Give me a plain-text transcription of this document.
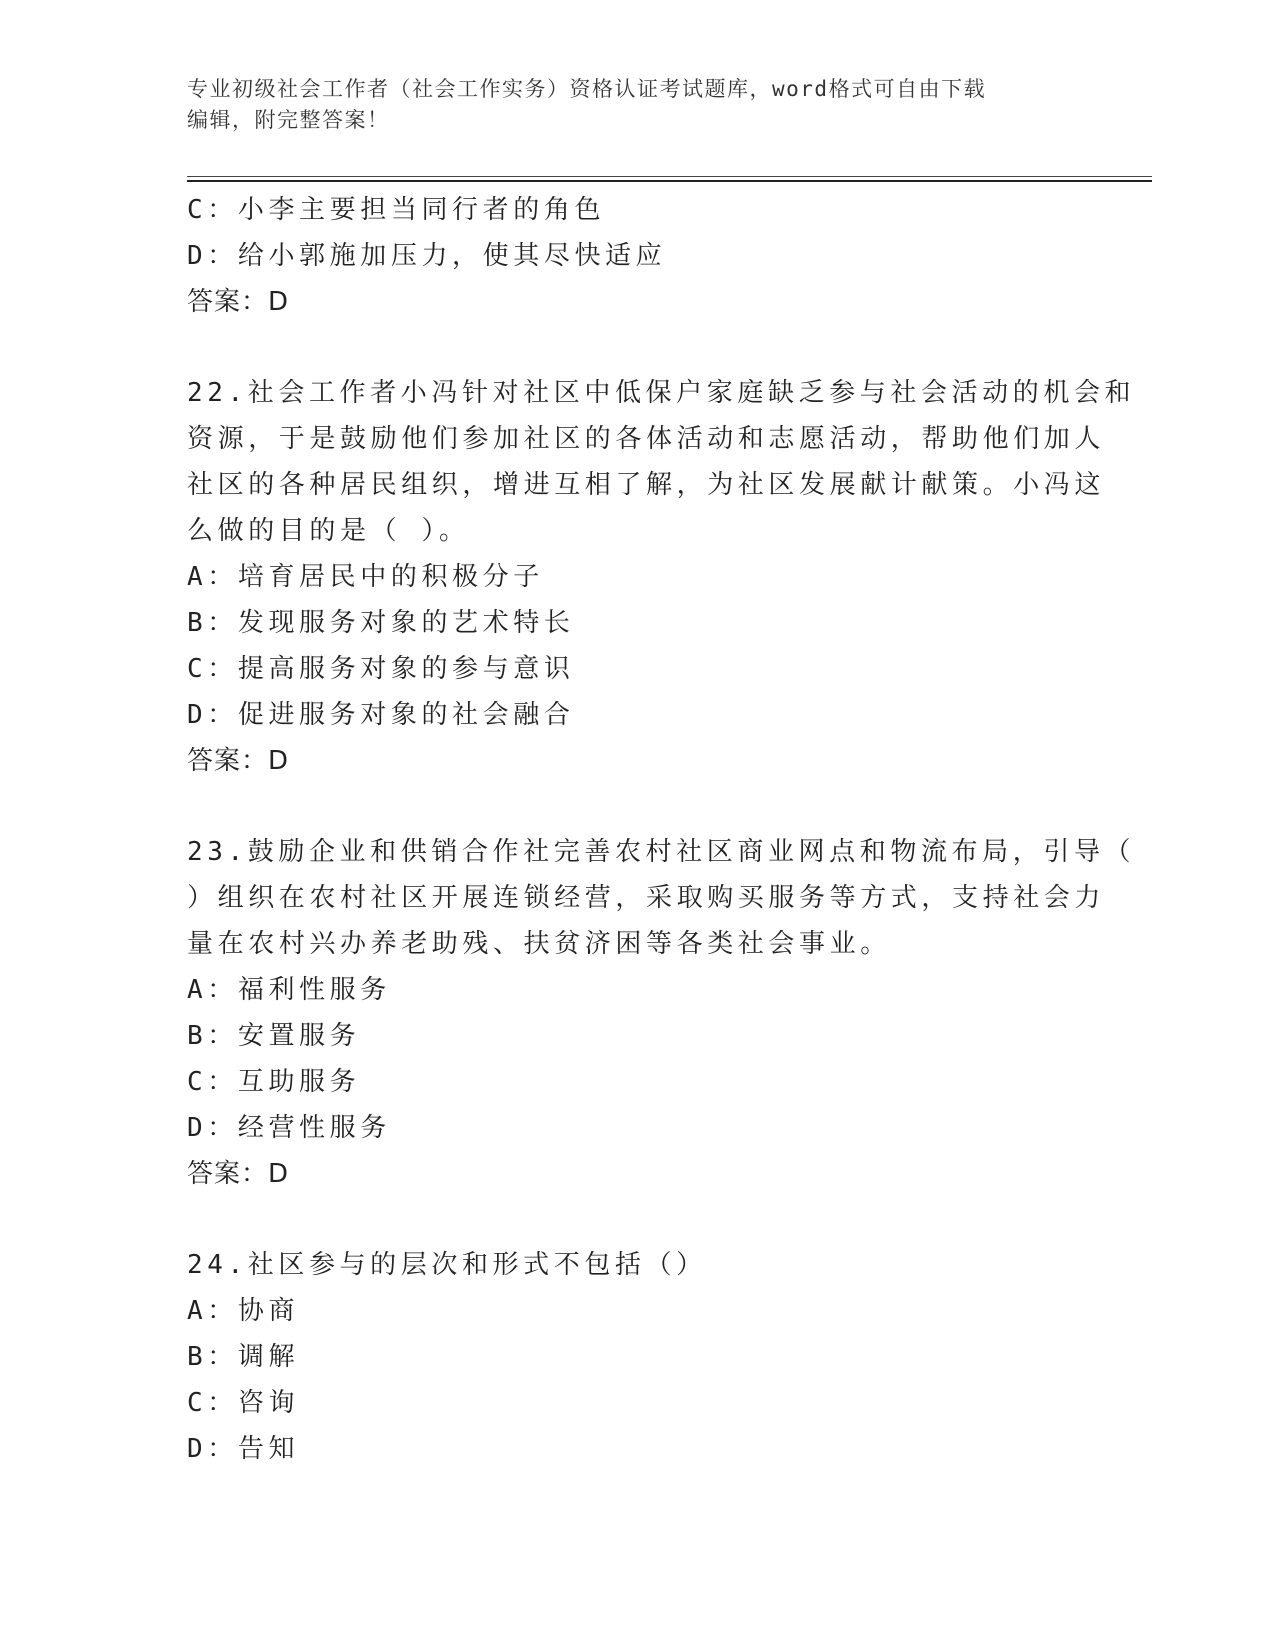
专业初级社会工作者（社会工作实务）资格认证考试题库，word格式可自由下载
编辑，附完整答案！
C：小李主要担当同行者的角色
D：给小郭施加压力，使其尽快适应
答案：D
22.社会工作者小冯针对社区中低保户家庭缺乏参与社会活动的机会和
资源，于是鼓励他们参加社区的各体活动和志愿活动，帮助他们加人
社区的各种居民组织，增进互相了解，为社区发展献计献策。小冯这
么做的目的是（ ）。
A：培育居民中的积极分子
B：发现服务对象的艺术特长
C：提高服务对象的参与意识
D：促进服务对象的社会融合
答案：D
23.鼓励企业和供销合作社完善农村社区商业网点和物流布局，引导（
）组织在农村社区开展连锁经营，采取购买服务等方式，支持社会力
量在农村兴办养老助残、扶贫济困等各类社会事业。
A：福利性服务
B：安置服务
C：互助服务
D：经营性服务
答案：D
24.社区参与的层次和形式不包括（）
A：协商
B：调解
C：咨询
D：告知
